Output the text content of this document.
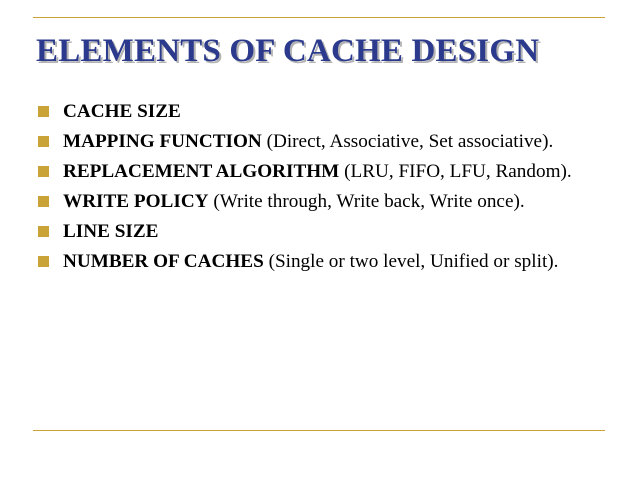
ELEMENTS OF CACHE DESIGN
CACHE SIZE
MAPPING FUNCTION (Direct, Associative, Set associative).
REPLACEMENT ALGORITHM (LRU, FIFO, LFU, Random).
WRITE POLICY (Write through, Write back, Write once).
LINE SIZE
NUMBER OF CACHES (Single or two level, Unified or split).
